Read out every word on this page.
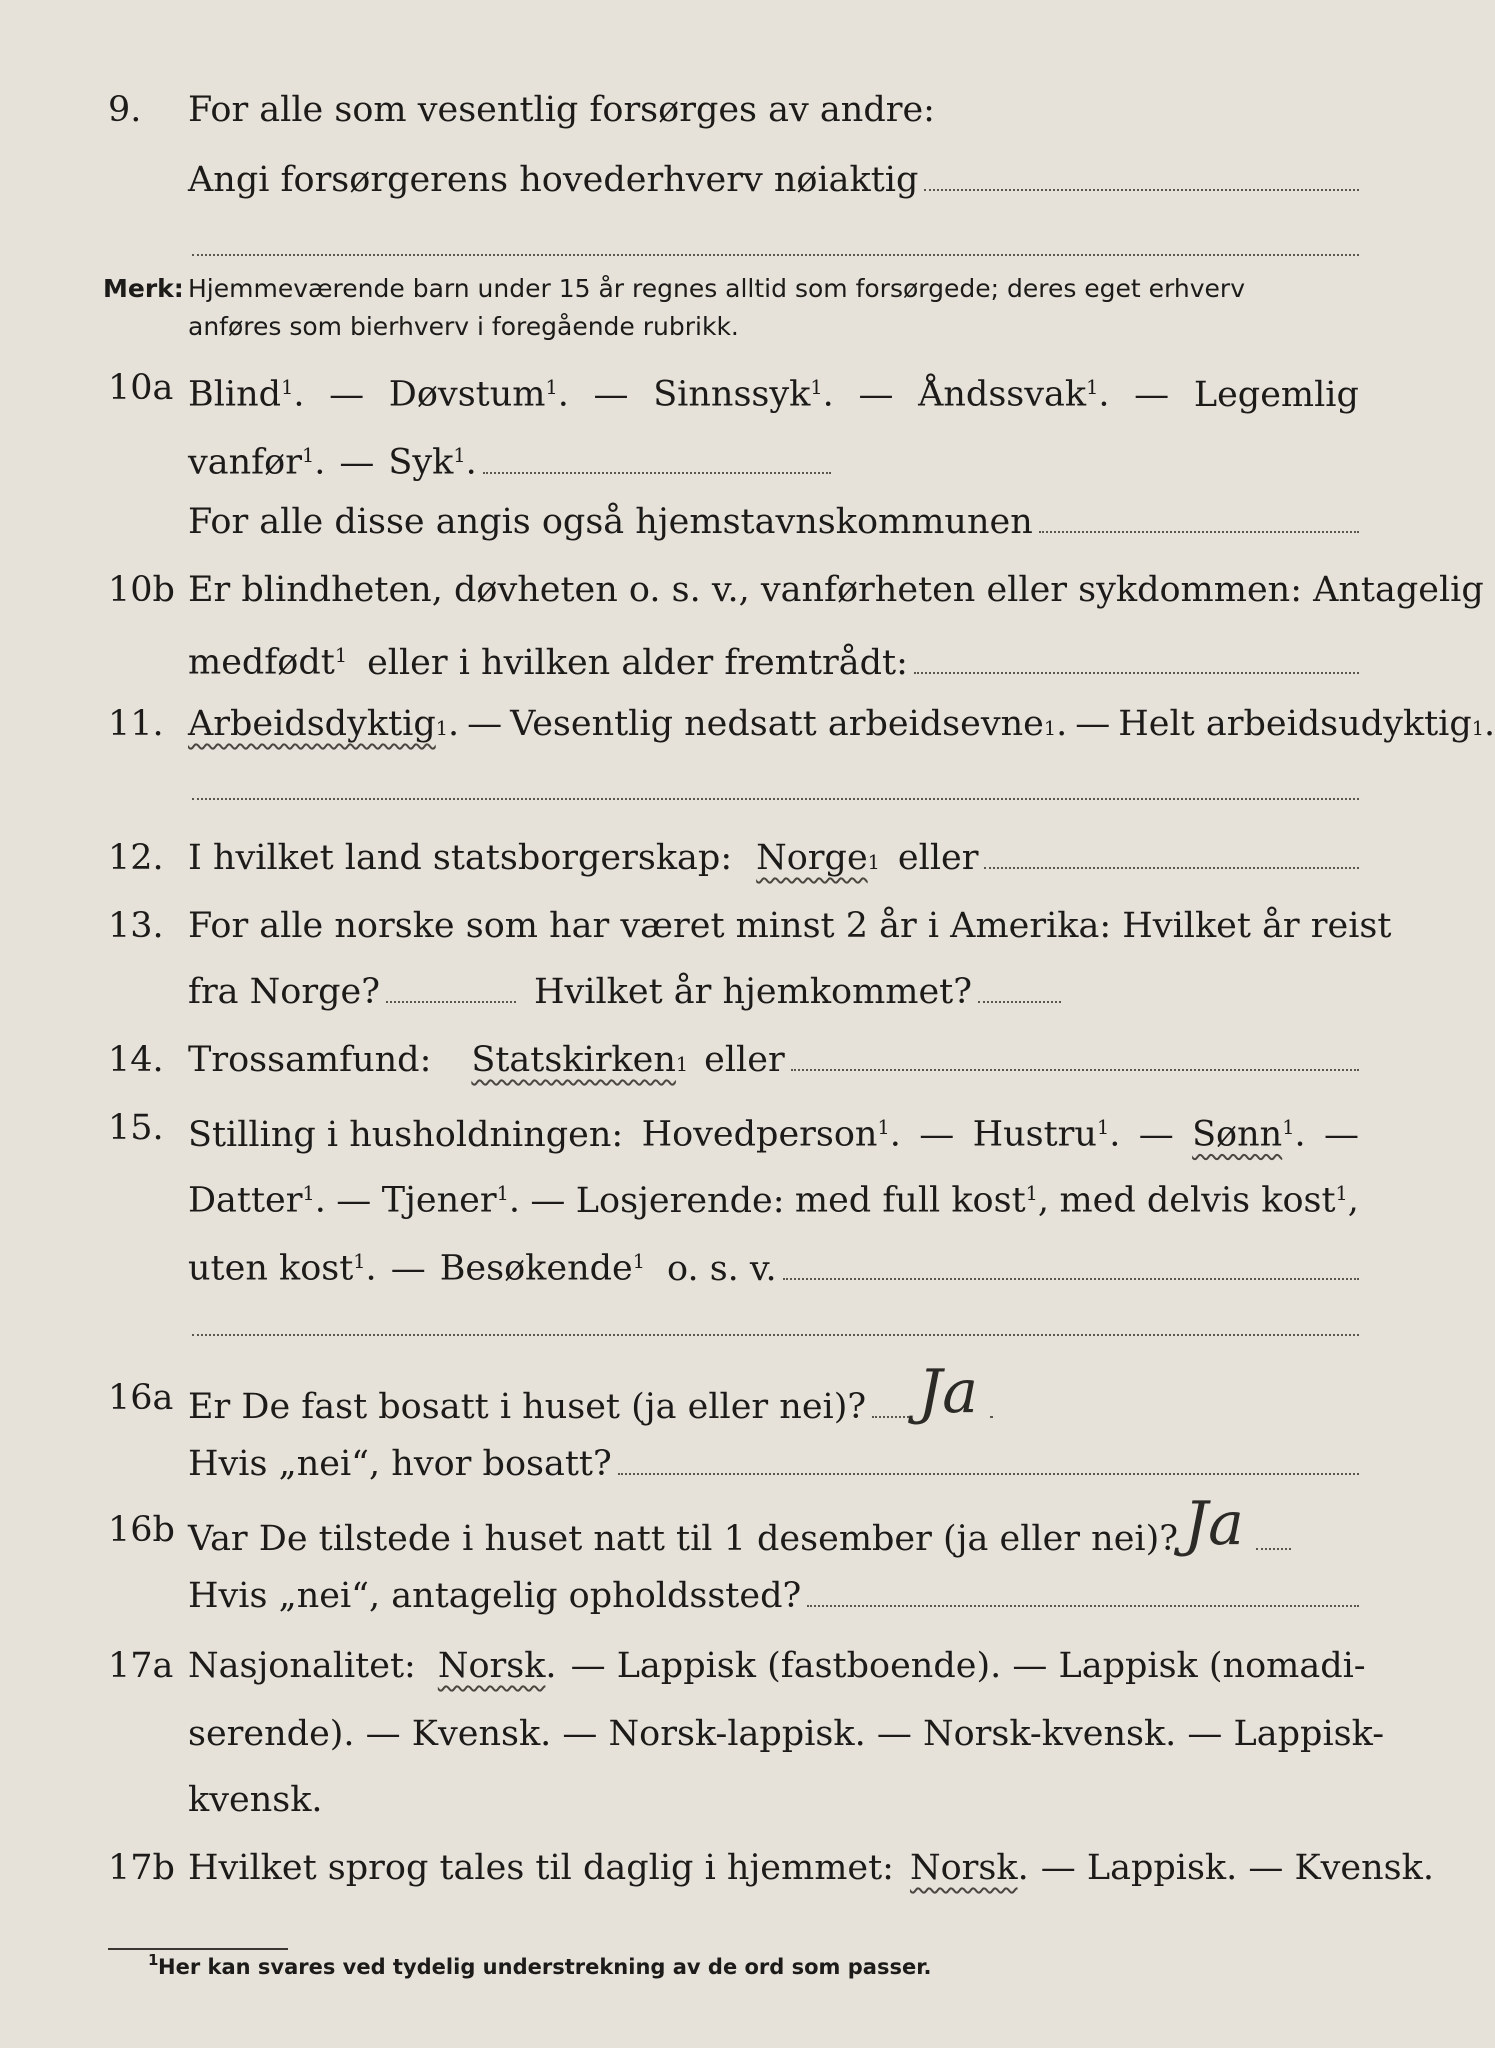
9. For alle som vesentlig forsørges av andre:
Angi forsørgerens hovederhverv nøiaktig
Merk: Hjemmeværende barn under 15 år regnes alltid som forsørgede; deres eget erhverv
anføres som bierhverv i foregående rubrikk.
10a Blind$^1$. — Døvstum$^1$. — Sinnssyk$^1$. — Åndssvak$^1$. — Legemlig
vanfør$^1$. — Syk$^1$.
For alle disse angis også hjemstavnskommunen
10b Er blindheten, døvheten o. s. v., vanførheten eller sykdommen: Antagelig
medfødt$^1$ eller i hvilken alder fremtrådt:
11. Arbeidsdyktig 1 . — Vesentlig nedsatt arbeidsevne 1 . — Helt arbeidsudyktig 1 .
12. I hvilket land statsborgerskap: Norge 1 eller
13. For alle norske som har været minst 2 år i Amerika: Hvilket år reist
fra Norge?	Hvilket år hjemkommet?
14. Trossamfund: Statskirken 1 eller
15. Stilling i husholdningen: Hovedperson$^1$. — Hustru$^1$. — Sønn$^1$. —
Datter$^1$. — Tjener$^1$. — Losjerende: med full kost$^1$, med delvis kost$^1$,
uten kost$^1$. — Besøkende$^1$ o. s. v.
16a Er De fast bosatt i huset (ja eller nei)? Ja
Hvis „nei“, hvor bosatt?
16b Var De tilstede i huset natt til 1 desember (ja eller nei)? Ja
Hvis „nei“, antagelig opholdssted?
17a Nasjonalitet: Norsk . — Lappisk (fastboende). — Lappisk (nomadi-
serende). — Kvensk. — Norsk-lappisk. — Norsk-kvensk. — Lappisk-
kvensk.
17b Hvilket sprog tales til daglig i hjemmet: Norsk . — Lappisk. — Kvensk.
1 Her kan svares ved tydelig understrekning av de ord som passer.
